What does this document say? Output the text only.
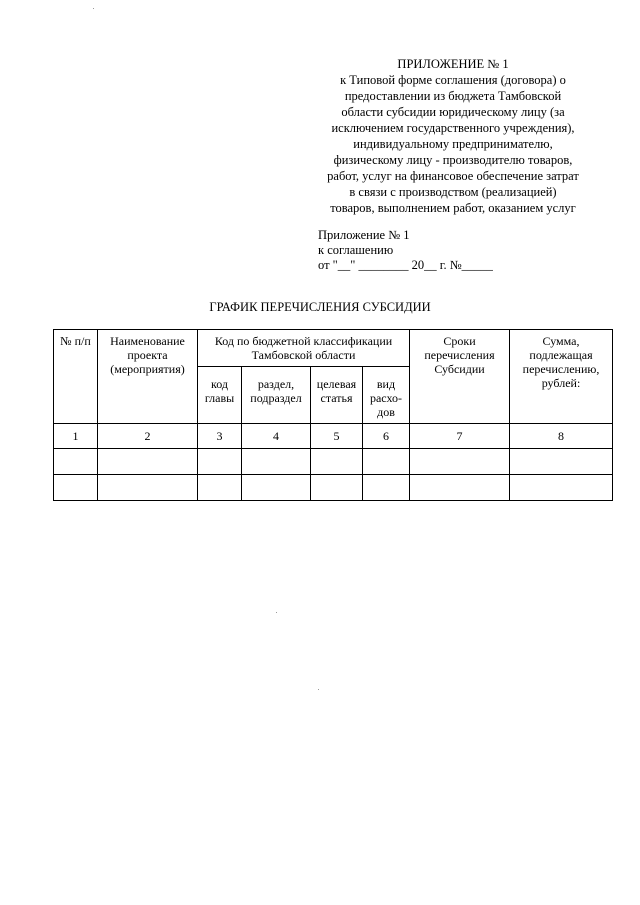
ПРИЛОЖЕНИЕ № 1
к Типовой форме соглашения (договора) о
предоставлении из бюджета Тамбовской
области субсидии юридическому лицу (за
исключением государственного учреждения),
индивидуальному предпринимателю,
физическому лицу - производителю товаров,
работ, услуг на финансовое обеспечение затрат
в связи с производством (реализацией)
товаров, выполнением работ, оказанием услуг
Приложение № 1
к соглашению
от "__" ________ 20__ г. №_____
ГРАФИК ПЕРЕЧИСЛЕНИЯ СУБСИДИИ
№ п/п	Наименование проекта (мероприятия)	Код по бюджетной классификации Тамбовской области				Сроки перечисления Субсидии	Сумма, подлежащая перечислению, рублей:
		код главы	раздел, подраздел	целевая статья	вид расхо-дов		
1	2	3	4	5	6	7	8
